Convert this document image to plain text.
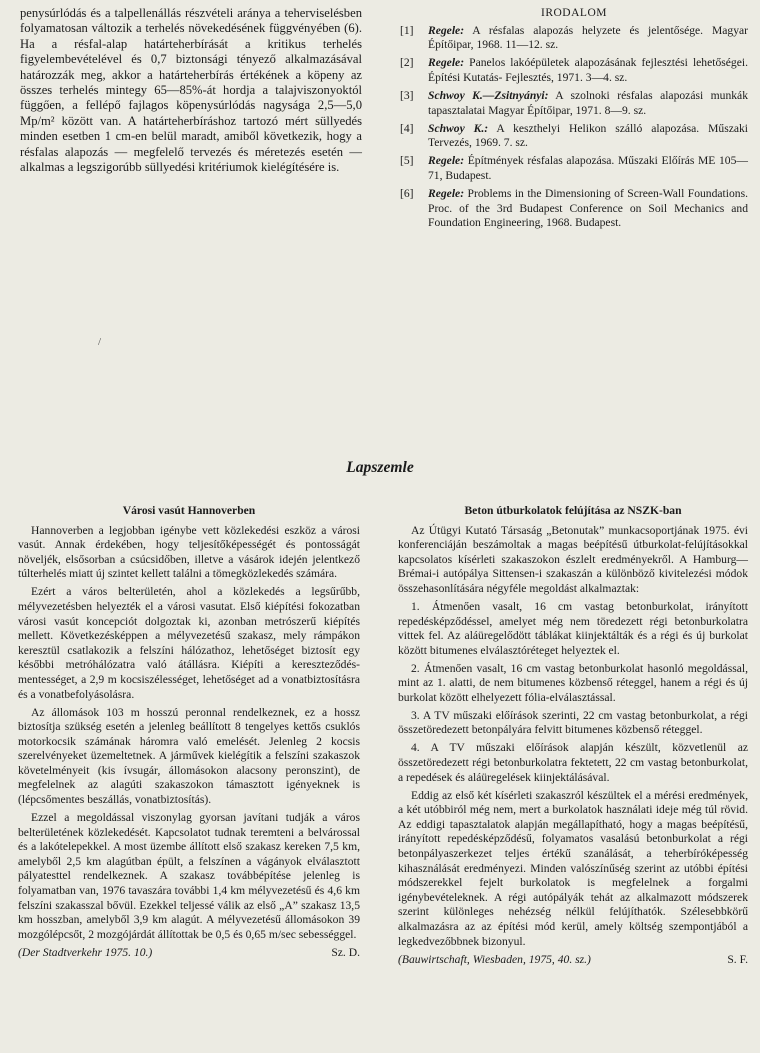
penysúrlódás és a talpellenállás részvételi aránya a teherviselésben folyamatosan változik a terhelés növekedésének függvényében (6). Ha a résfal-alap határteherbírását a kritikus terhelés figyelembevételével és 0,7 biztonsági tényező alkalmazásával határozzák meg, akkor a határteherbírás értékének a köpeny az összes terhelés mintegy 65—85%-át hordja a talajviszonyoktól függően, a fellépő fajlagos köpenysúrlódás nagysága 2,5—5,0 Mp/m² között van. A határteherbíráshoz tartozó mért süllyedés minden esetben 1 cm-en belül maradt, amiből következik, hogy a résfalas alapozás — megfelelő tervezés és méretezés esetén — alkalmas a legszigorúbb süllyedési kritériumok kielégítésére is.

IRODALOM
[1] Regele: A résfalas alapozás helyzete és jelentősége. Magyar Építőipar, 1968. 11—12. sz.
[2] Regele: Panelos lakóépületek alapozásának fejlesztési lehetőségei. Építési Kutatás- Fejlesztés, 1971. 3—4. sz.
[3] Schwoy K.—Zsitnyányi: A szolnoki résfalas alapozási munkák tapasztalatai Magyar Építőipar, 1971. 8—9. sz.
[4] Schwoy K.: A keszthelyi Helikon szálló alapozása. Műszaki Tervezés, 1969. 7. sz.
[5] Regele: Építmények résfalas alapozása. Műszaki Előírás ME 105—71, Budapest.
[6] Regele: Problems in the Dimensioning of Screen-Wall Foundations. Proc. of the 3rd Budapest Conference on Soil Mechanics and Foundation Engineering, 1968. Budapest.
/
Lapszemle
Városi vasút Hannoverben

Hannoverben a legjobban igénybe vett közlekedési eszköz a városi vasút. Annak érdekében, hogy teljesítőképességét és pontosságát növeljék, elsősorban a csúcsidőben, illetve a vásárok idején jelentkező túlterhelés miatt új szintet kellett találni a tömegközlekedés számára.

Ezért a város belterületén, ahol a közlekedés a legsűrűbb, mélyvezetésben helyezték el a városi vasutat. Első kiépítési fokozatban városi vasút koncepciót dolgoztak ki, azonban metrószerű kiépítés mellett. Következésképpen a mélyvezetésű szakasz, mely rámpákon keresztül csatlakozik a felszíni hálózathoz, lehetőséget biztosít egy későbbi metróhálózatra való átállásra. Kiépíti a kereszteződés-mentességet, a 2,9 m kocsiszélességet, lehetőséget ad a vonatbiztosításra és a vonatbefolyásolásra.

Az állomások 103 m hosszú peronnal rendelkeznek, ez a hossz biztosítja szükség esetén a jelenleg beállított 8 tengelyes kettős csuklós motorkocsik számának háromra való emelését. Jelenleg 2 kocsis szerelvényeket üzemeltetnek. A járművek kielégítik a felszíni szakaszok követelményeit (kis ívsugár, állomásokon alacsony peronszint), de megfelelnek az alagúti szakaszokon támasztott igényeknek is (lépcsőmentes beszállás, vonatbiztosítás).

Ezzel a megoldással viszonylag gyorsan javítani tudják a város belterületének közlekedését. Kapcsolatot tudnak teremteni a belvárossal és a lakótelepekkel. A most üzembe állított első szakasz kereken 7,5 km, amelyből 2,5 km alagútban épült, a felszínen a vágányok elválasztott pályatesttel rendelkeznek. A szakasz továbbépítése jelenleg is folyamatban van, 1976 tavaszára további 1,4 km mélyvezetésű és 4,6 km felszíni szakasszal bővül. Ezekkel teljessé válik az első „A” szakasz 13,5 km hosszban, amelyből 3,9 km alagút. A mélyvezetésű állomásokon 39 mozgólépcsőt, 2 mozgójárdát állítottak be 0,5 és 0,65 m/sec sebességgel.

(Der Stadtverkehr 1975. 10.)	Sz. D.
Beton útburkolatok felújítása az NSZK-ban

Az Útügyi Kutató Társaság „Betonutak” munkacsoportjának 1975. évi konferenciáján beszámoltak a magas beépítésű útburkolat-felújításokkal kapcsolatos kísérleti szakaszokon észlelt eredményekről. A Hamburg—Brémai-i autópálya Sittensen-i szakaszán a különböző kivitelezési módok összehasonlítására négyféle megoldást alkalmaztak:

1. Átmenően vasalt, 16 cm vastag betonburkolat, irányított repedésképződéssel, amelyet még nem töredezett régi betonburkolatra vittek fel. Az aláüregelődött táblákat kiinjektálták és a régi és új burkolat között bitumenes elválasztóréteget helyeztek el.

2. Átmenően vasalt, 16 cm vastag betonburkolat hasonló megoldással, mint az 1. alatti, de nem bitumenes közbenső réteggel, hanem a régi és új burkolat között elhelyezett fólia-elválasztással.

3. A TV műszaki előírások szerinti, 22 cm vastag betonburkolat, a régi összetöredezett betonpályára felvitt bitumenes közbenső réteggel.

4. A TV műszaki előírások alapján készült, közvetlenül az összetöredezett régi betonburkolatra fektetett, 22 cm vastag betonburkolat, a repedések és aláüregelések kiinjektálásával.

Eddig az első két kísérleti szakaszról készültek el a mérési eredmények, a két utóbbiról még nem, mert a burkolatok használati ideje még túl rövid. Az eddigi tapasztalatok alapján megállapítható, hogy a magas beépítésű, irányított repedésképződésű, folyamatos vasalású betonburkolat a régi betonpályaszerkezet teljes értékű szanálását, a teherbíróképesség kihasználását eredményezi. Minden valószínűség szerint az utóbbi építési módszerekkel fejelt burkolatok is megfelelnek a forgalmi igénybevételeknek. A régi autópályák tehát az alkalmazott módszerek szerint különleges nehézség nélkül felújíthatók. Szélesebbkörű alkalmazásra az az építési mód kerül, amely költség szempontjából a legkedvezőbbnek bizonyul.

(Bauwirtschaft, Wiesbaden, 1975, 40. sz.)	S. F.
